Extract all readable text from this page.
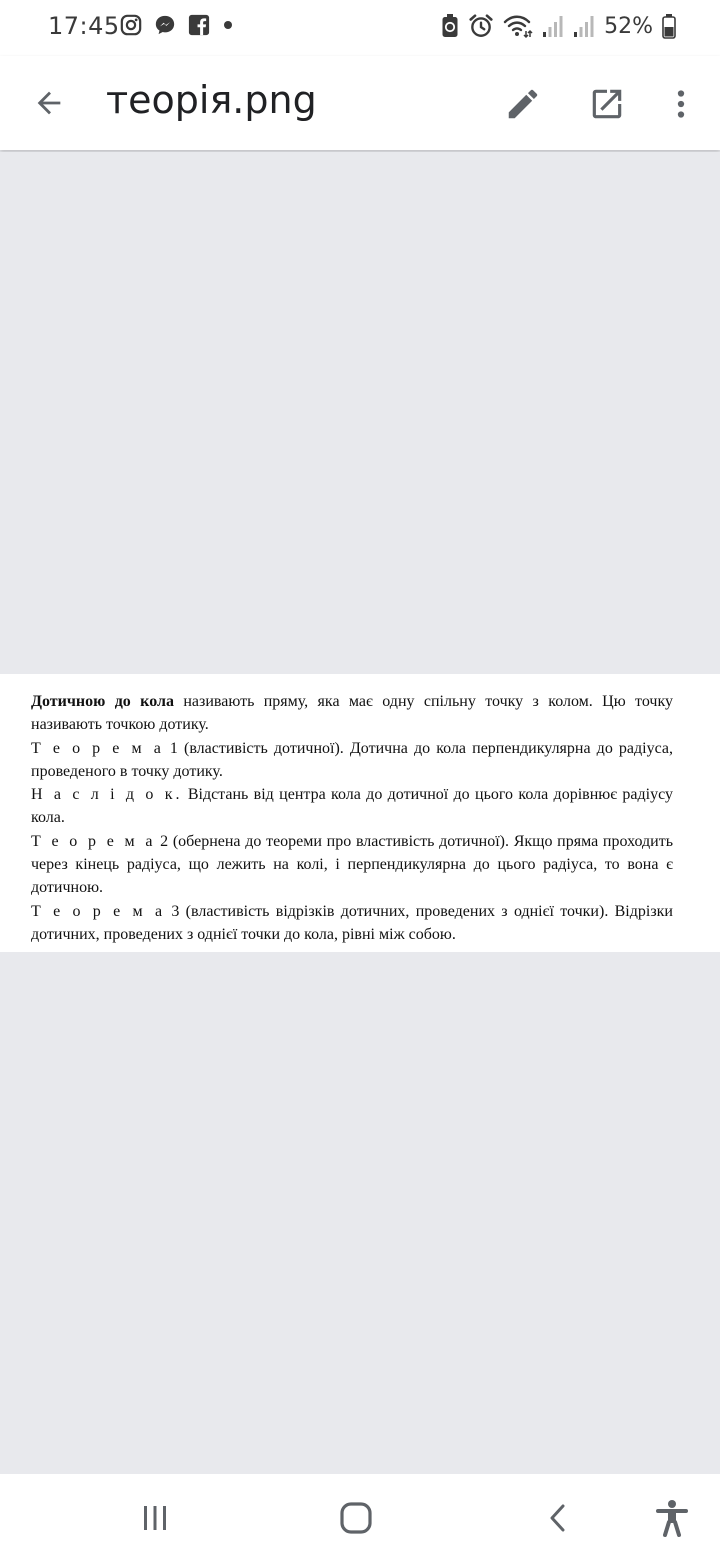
17:45	52%
теорія.png

Дотичною до кола називають пряму, яка має одну спільну точку з колом. Цю точку називають точкою дотику.

Т е о р е м а 1 (властивість дотичної). Дотична до кола перпендикулярна до радіуса, проведеного в точку дотику.

Н а с л і д о к. Відстань від центра кола до дотичної до цього кола дорівнює радіусу кола.

Т е о р е м а 2 (обернена до теореми про властивість дотичної). Якщо пряма проходить через кінець радіуса, що лежить на колі, і перпендикулярна до цього радіуса, то вона є дотичною.

Т е о р е м а 3 (властивість відрізків дотичних, проведених з однієї точки). Відрізки дотичних, проведених з однієї точки до кола, рівні між собою.
